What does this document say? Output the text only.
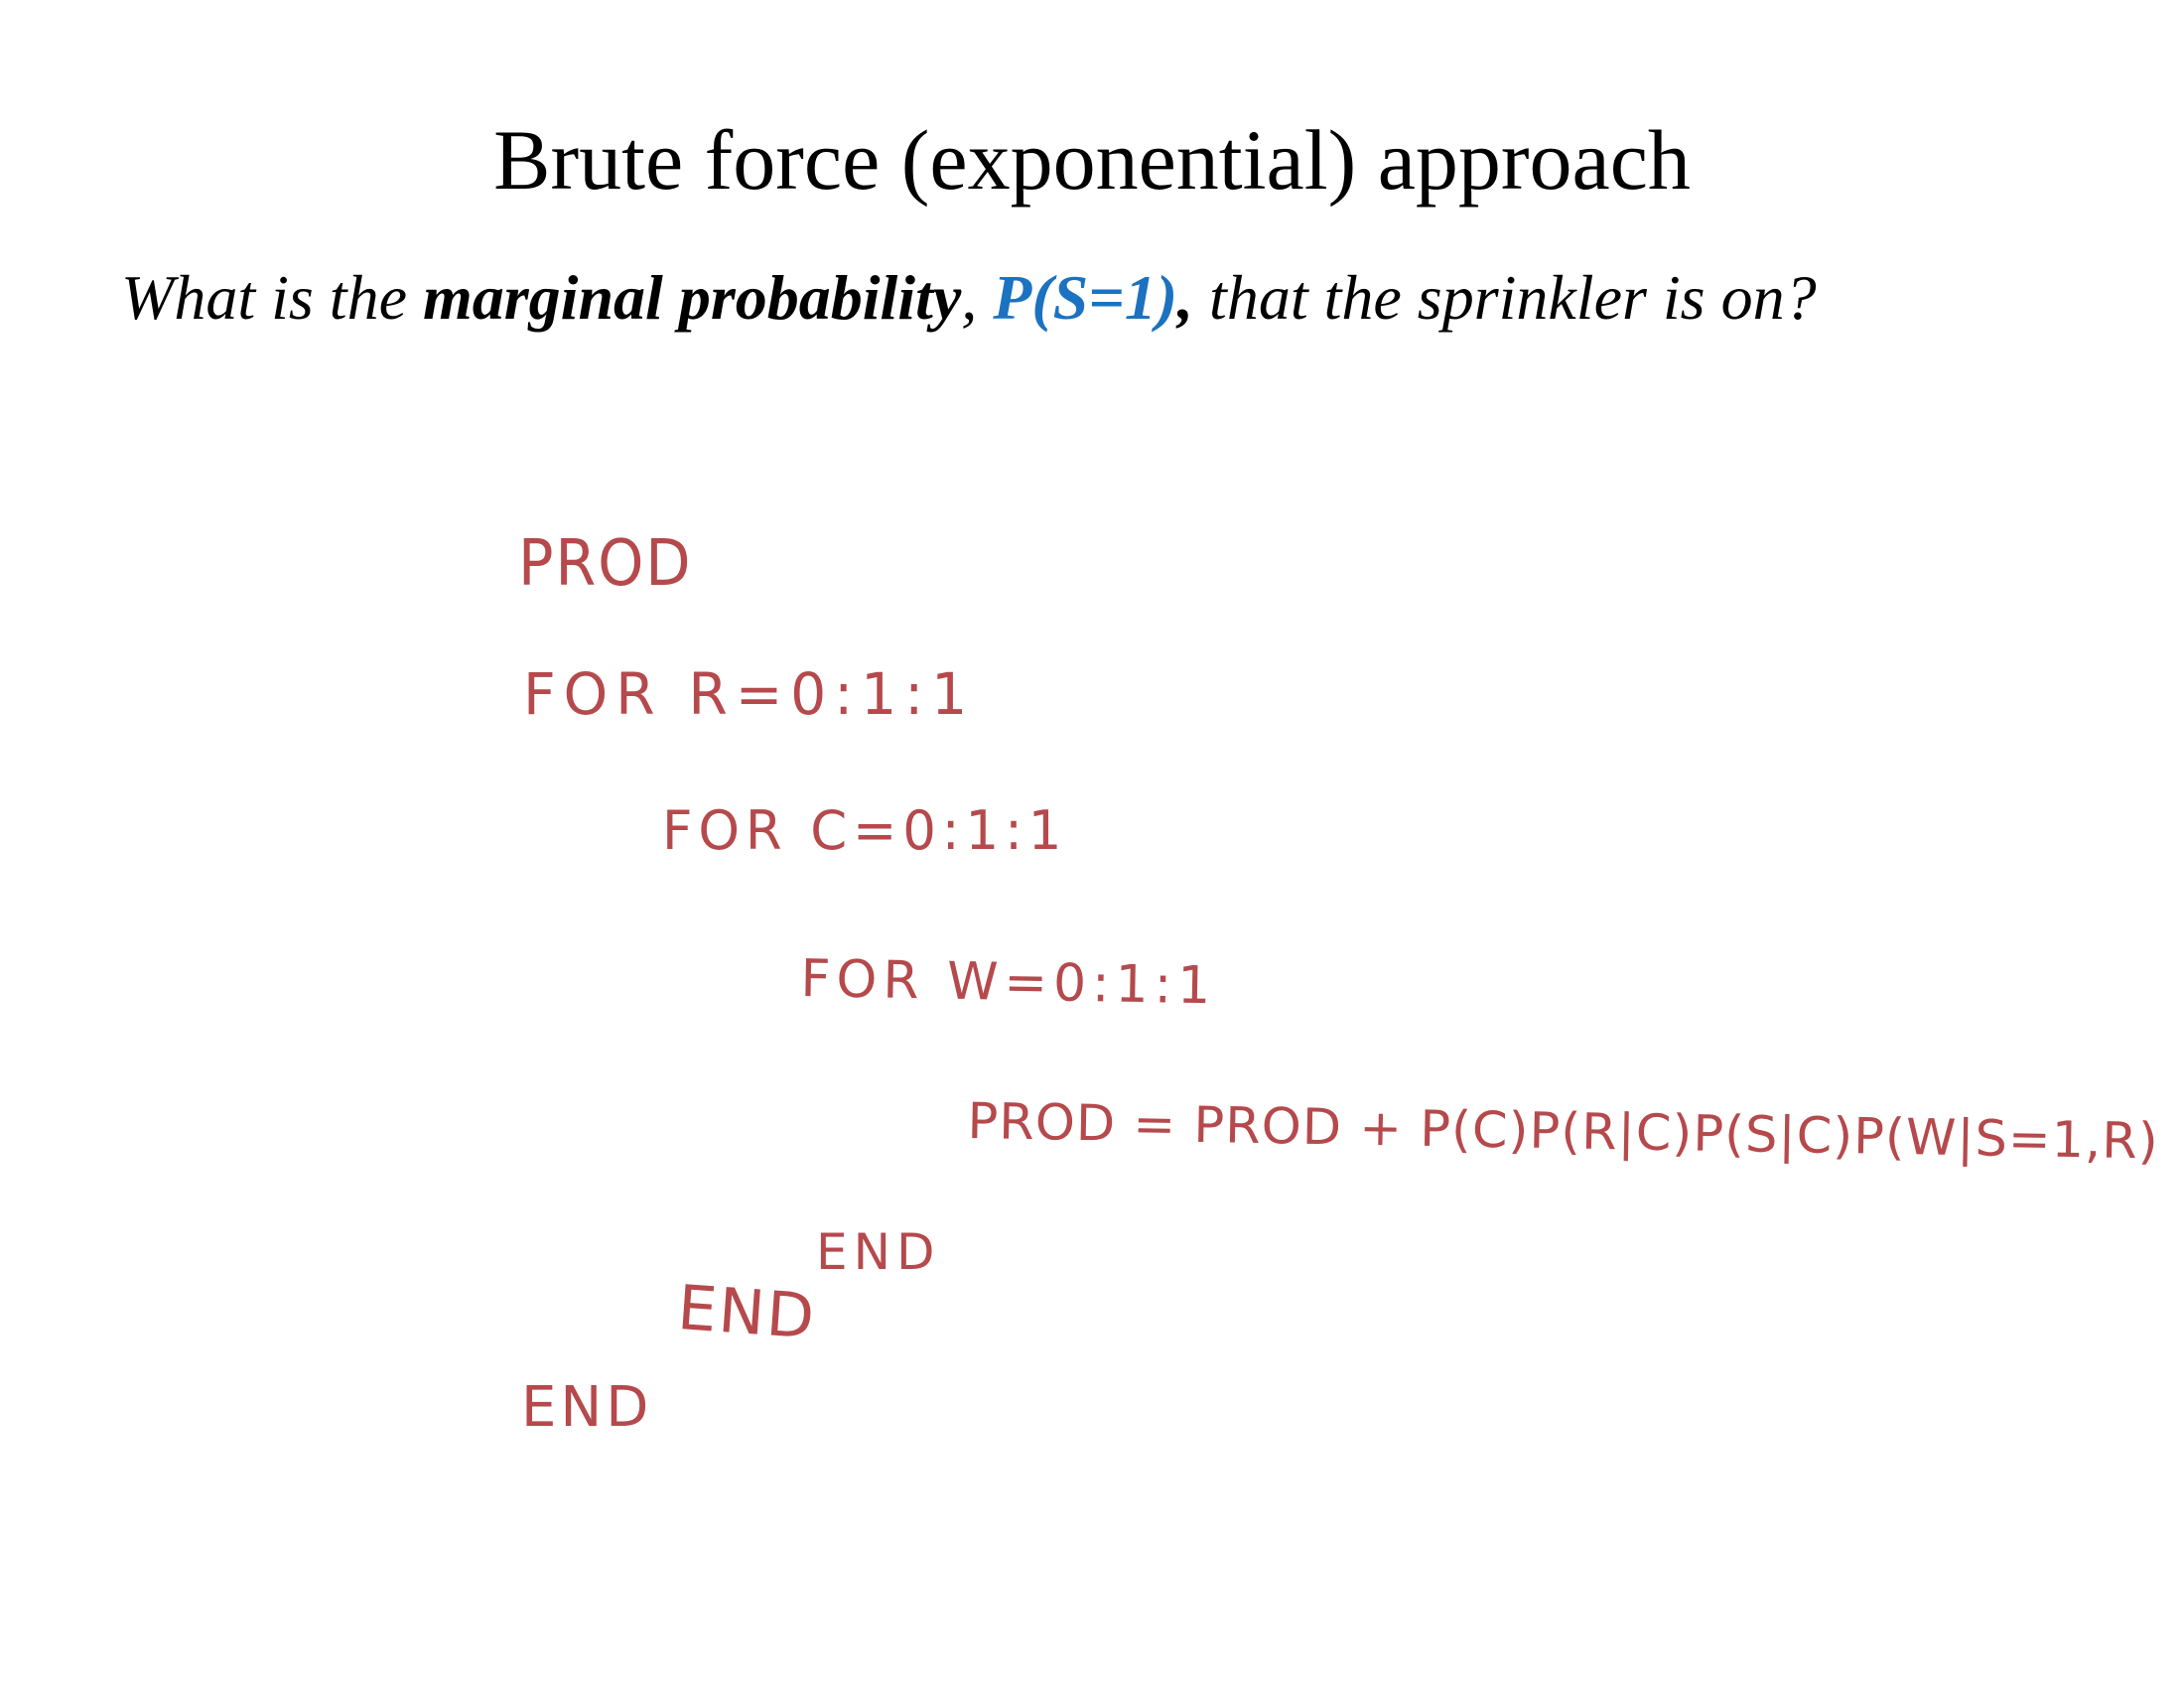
Brute force (exponential) approach
What is the marginal probability, P(S=1), that the sprinkler is on?
PROD
FOR R=0:1:1
FOR C=0:1:1
FOR W=0:1:1
PROD = PROD + P(C)P(R|C)P(S|C)P(W|S=1,R)
END
END
END
